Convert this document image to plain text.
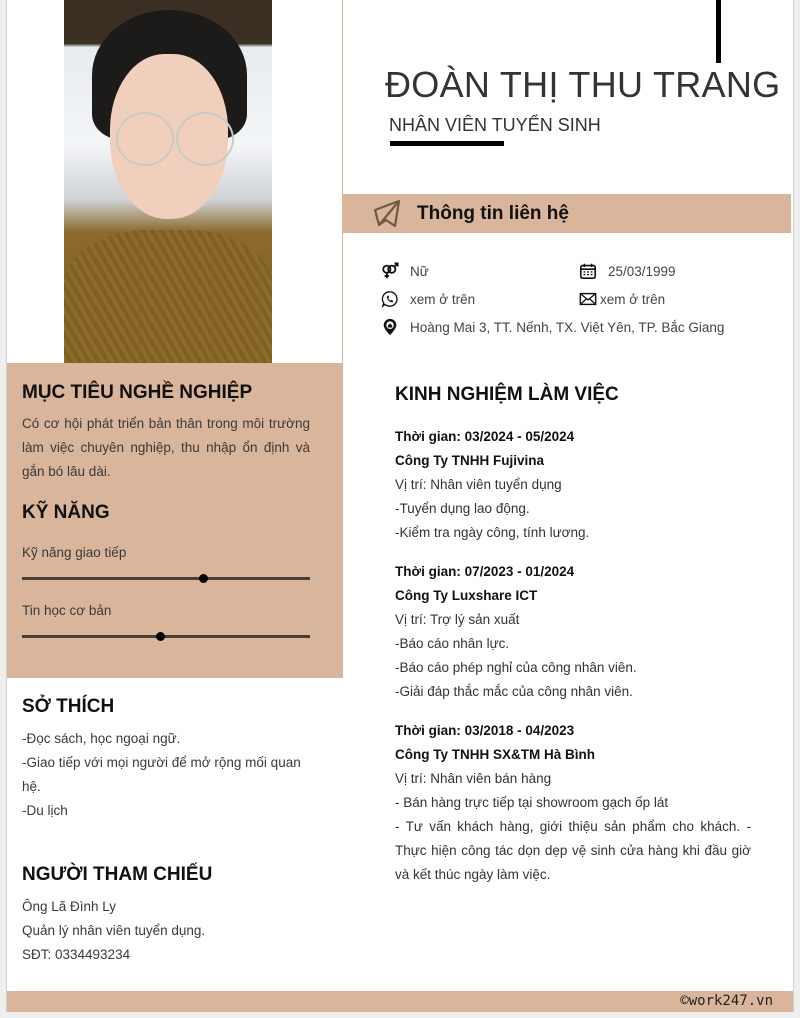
ĐOÀN THỊ THU TRANG
NHÂN VIÊN TUYỂN SINH
Thông tin liên hệ
Nữ	25/03/1999
xem ở trên	xem ở trên
Hoàng Mai 3, TT. Nếnh, TX. Việt Yên, TP. Bắc Giang
MỤC TIÊU NGHỀ NGHIỆP
Có cơ hội phát triển bản thân trong môi trường làm việc chuyên nghiệp, thu nhập ổn định và gắn bó lâu dài.
KỸ NĂNG
Kỹ năng giao tiếp
Tin học cơ bản
SỞ THÍCH
-Đọc sách, học ngoại ngữ.
-Giao tiếp với mọi người để mở rộng mối quan hệ.
-Du lịch
NGƯỜI THAM CHIẾU
Ông Lã Đình Ly
Quản lý nhân viên tuyển dụng.
SĐT: 0334493234
KINH NGHIỆM LÀM VIỆC
Thời gian: 03/2024 - 05/2024
Công Ty TNHH Fujivina
Vị trí: Nhân viên tuyển dụng
-Tuyển dụng lao động.
-Kiểm tra ngày công, tính lương.
Thời gian: 07/2023 - 01/2024
Công Ty Luxshare ICT
Vị trí: Trợ lý sản xuất
-Báo cáo nhân lực.
-Báo cáo phép nghỉ của công nhân viên.
-Giải đáp thắc mắc của công nhân viên.
Thời gian: 03/2018 - 04/2023
Công Ty TNHH SX&TM Hà Bình
Vị trí: Nhân viên bán hàng
- Bán hàng trực tiếp tại showroom gạch ốp lát
- Tư vấn khách hàng, giới thiệu sản phẩm cho khách. - Thực hiện công tác dọn dẹp vệ sinh cửa hàng khi đầu giờ và kết thúc ngày làm việc.
©work247.vn
